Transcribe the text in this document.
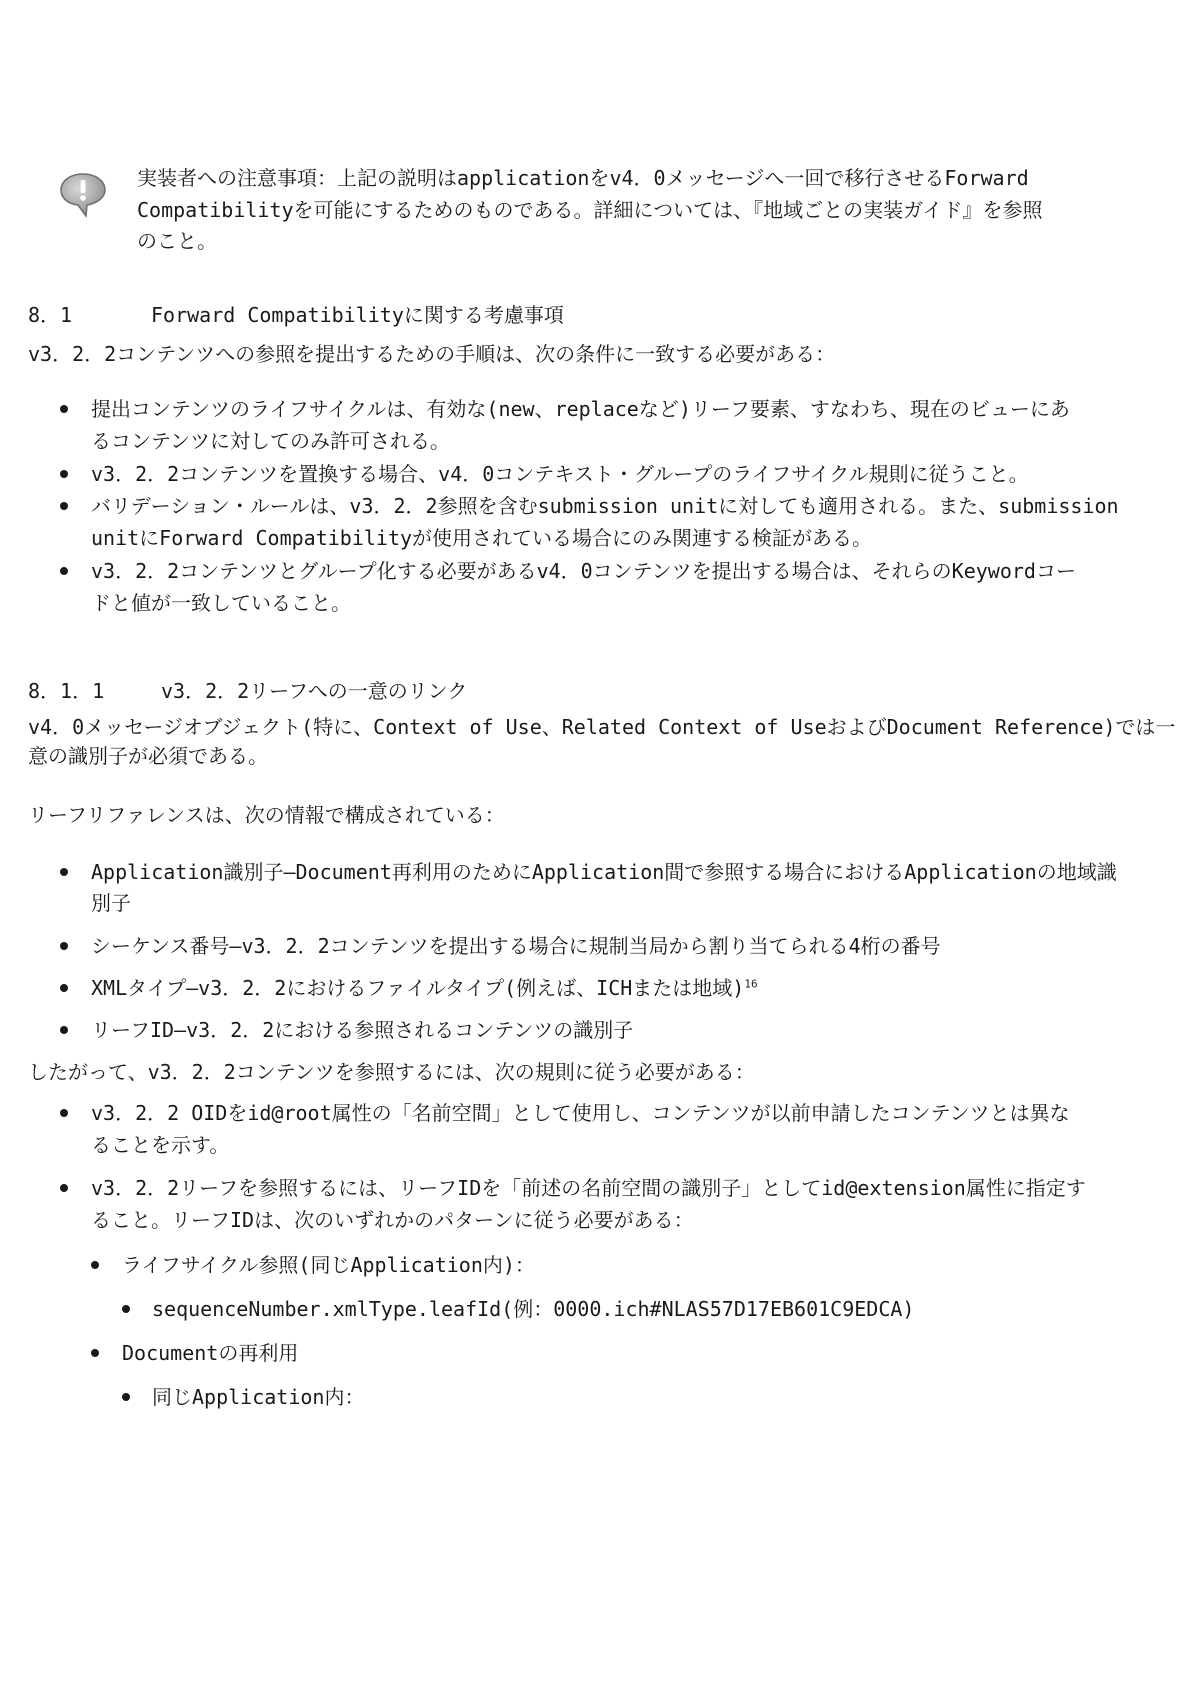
実装者への注意事項：上記の説明はapplicationをv4．0メッセージへ一回で移行させるForward

Compatibilityを可能にするためのものである。詳細については、『地域ごとの実装ガイド』を参照

のこと。

8．1	Forward Compatibilityに関する考慮事項

v3．2．2コンテンツへの参照を提出するための手順は、次の条件に一致する必要がある：

提出コンテンツのライフサイクルは、有効な(new、replaceなど)リーフ要素、すなわち、現在のビューにあ

るコンテンツに対してのみ許可される。

v3．2．2コンテンツを置換する場合、v4．0コンテキスト・グループのライフサイクル規則に従うこと。

バリデーション・ルールは、v3．2．2参照を含むsubmission unitに対しても適用される。また、submission

unitにForward Compatibilityが使用されている場合にのみ関連する検証がある。

v3．2．2コンテンツとグループ化する必要があるv4．0コンテンツを提出する場合は、それらのKeywordコー

ドと値が一致していること。

8．1．1	v3．2．2リーフへの一意のリンク

v4．0メッセージオブジェクト(特に、Context of Use、Related Context of UseおよびDocument Reference)では一

意の識別子が必須である。

リーフリファレンスは、次の情報で構成されている：

Application識別子―Document再利用のためにApplication間で参照する場合におけるApplicationの地域識

別子

シーケンス番号―v3．2．2コンテンツを提出する場合に規制当局から割り当てられる4桁の番号

XMLタイプ―v3．2．2におけるファイルタイプ(例えば、ICHまたは地域)$^{16}$

リーフID―v3．2．2における参照されるコンテンツの識別子

したがって、v3．2．2コンテンツを参照するには、次の規則に従う必要がある：

v3．2．2 OIDをid@root属性の「名前空間」として使用し、コンテンツが以前申請したコンテンツとは異な

ることを示す。

v3．2．2リーフを参照するには、リーフIDを「前述の名前空間の識別子」としてid@extension属性に指定す

ること。リーフIDは、次のいずれかのパターンに従う必要がある：

ライフサイクル参照(同じApplication内)：

sequenceNumber.xmlType.leafId(例：0000.ich#NLAS57D17EB601C9EDCA)

Documentの再利用

同じApplication内：
